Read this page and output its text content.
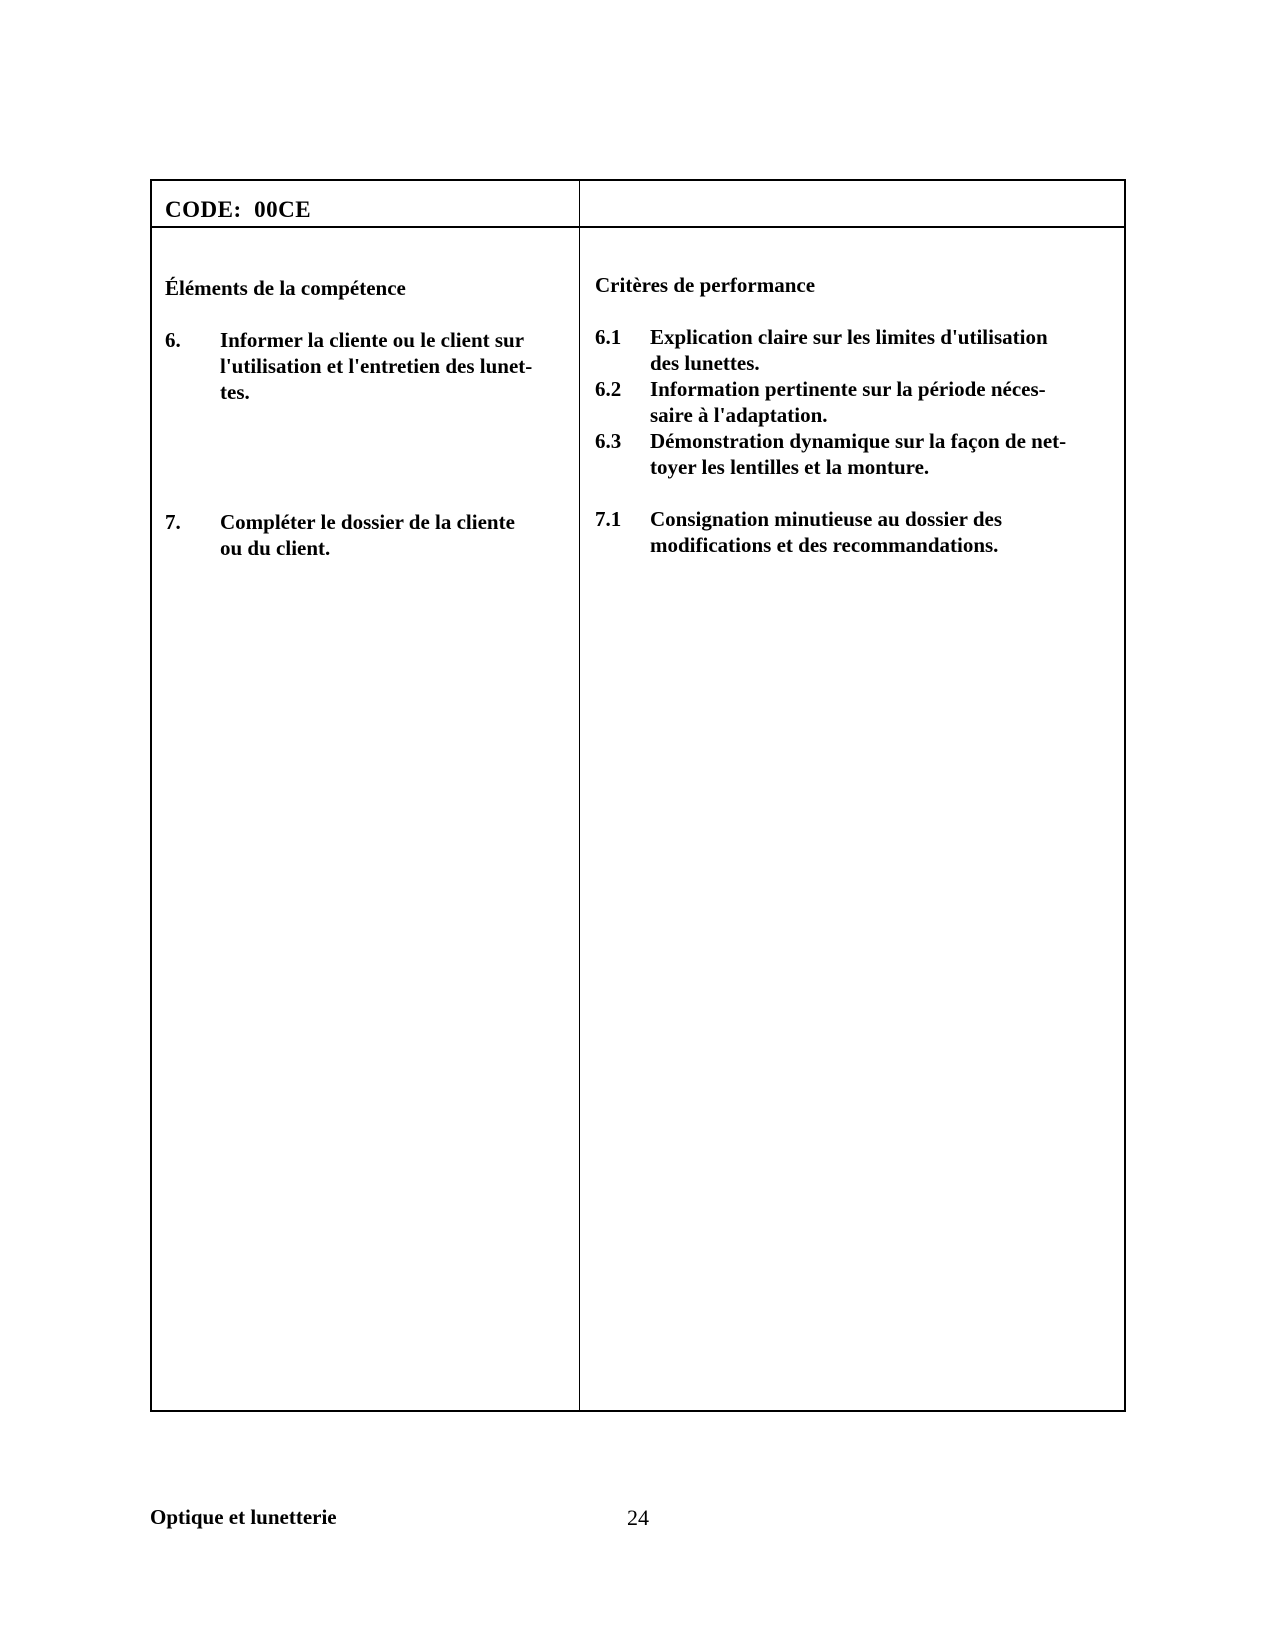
CODE:  00CE
Éléments de la compétence
6. Informer la cliente ou le client sur
l'utilisation et l'entretien des lunet-
tes.
7. Compléter le dossier de la cliente
ou du client.
Critères de performance
6.1 Explication claire sur les limites d'utilisation
des lunettes.
6.2 Information pertinente sur la période néces-
saire à l'adaptation.
6.3 Démonstration dynamique sur la façon de net-
toyer les lentilles et la monture.
7.1 Consignation minutieuse au dossier des
modifications et des recommandations.
Optique et lunetterie	24
